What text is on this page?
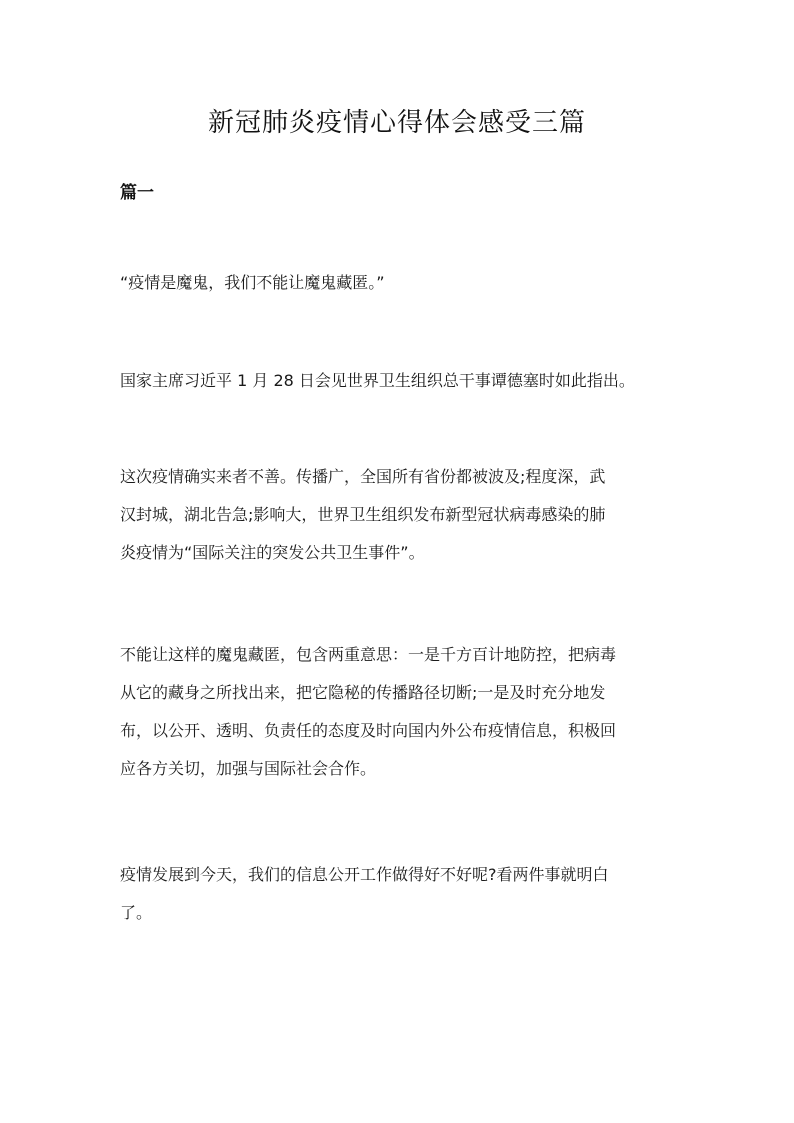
新冠肺炎疫情心得体会感受三篇
篇一

“疫情是魔鬼，我们不能让魔鬼藏匿。”

国家主席习近平 1 月 28 日会见世界卫生组织总干事谭德塞时如此指出。

这次疫情确实来者不善。传播广，全国所有省份都被波及;程度深，武
汉封城，湖北告急;影响大，世界卫生组织发布新型冠状病毒感染的肺
炎疫情为“国际关注的突发公共卫生事件”。

不能让这样的魔鬼藏匿，包含两重意思：一是千方百计地防控，把病毒
从它的藏身之所找出来，把它隐秘的传播路径切断;一是及时充分地发
布，以公开、透明、负责任的态度及时向国内外公布疫情信息，积极回
应各方关切，加强与国际社会合作。

疫情发展到今天，我们的信息公开工作做得好不好呢?看两件事就明白
了。
